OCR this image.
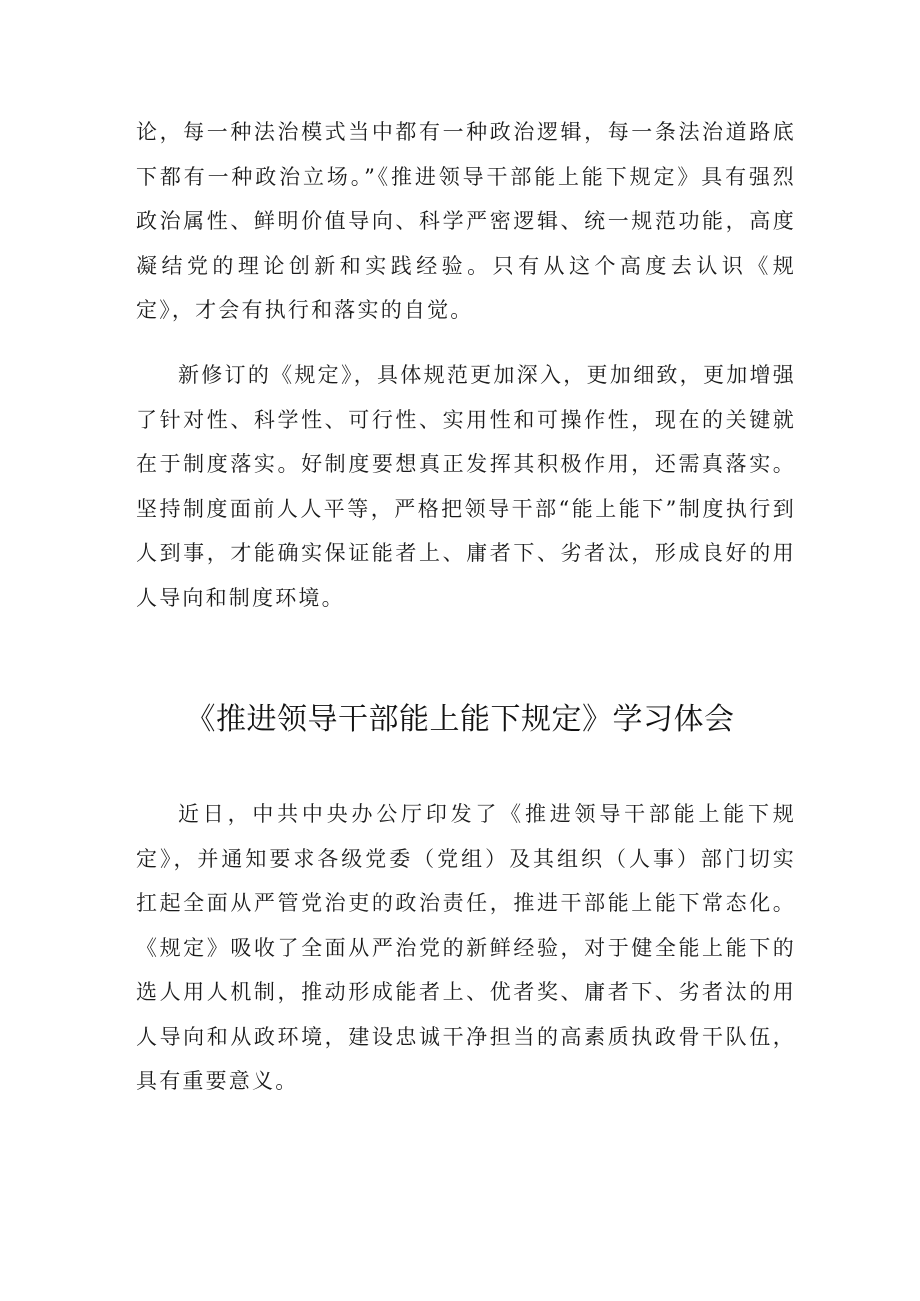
论，每一种法治模式当中都有一种政治逻辑，每一条法治道路底下都有一种政治立场。”《推进领导干部能上能下规定》具有强烈政治属性、鲜明价值导向、科学严密逻辑、统一规范功能，高度凝结党的理论创新和实践经验。只有从这个高度去认识《规定》，才会有执行和落实的自觉。

新修订的《规定》，具体规范更加深入，更加细致，更加增强了针对性、科学性、可行性、实用性和可操作性，现在的关键就在于制度落实。好制度要想真正发挥其积极作用，还需真落实。坚持制度面前人人平等，严格把领导干部“能上能下”制度执行到人到事，才能确实保证能者上、庸者下、劣者汰，形成良好的用人导向和制度环境。

《推进领导干部能上能下规定》学习体会

近日，中共中央办公厅印发了《推进领导干部能上能下规定》，并通知要求各级党委（党组）及其组织（人事）部门切实扛起全面从严管党治吏的政治责任，推进干部能上能下常态化。《规定》吸收了全面从严治党的新鲜经验，对于健全能上能下的选人用人机制，推动形成能者上、优者奖、庸者下、劣者汰的用人导向和从政环境，建设忠诚干净担当的高素质执政骨干队伍，具有重要意义。
